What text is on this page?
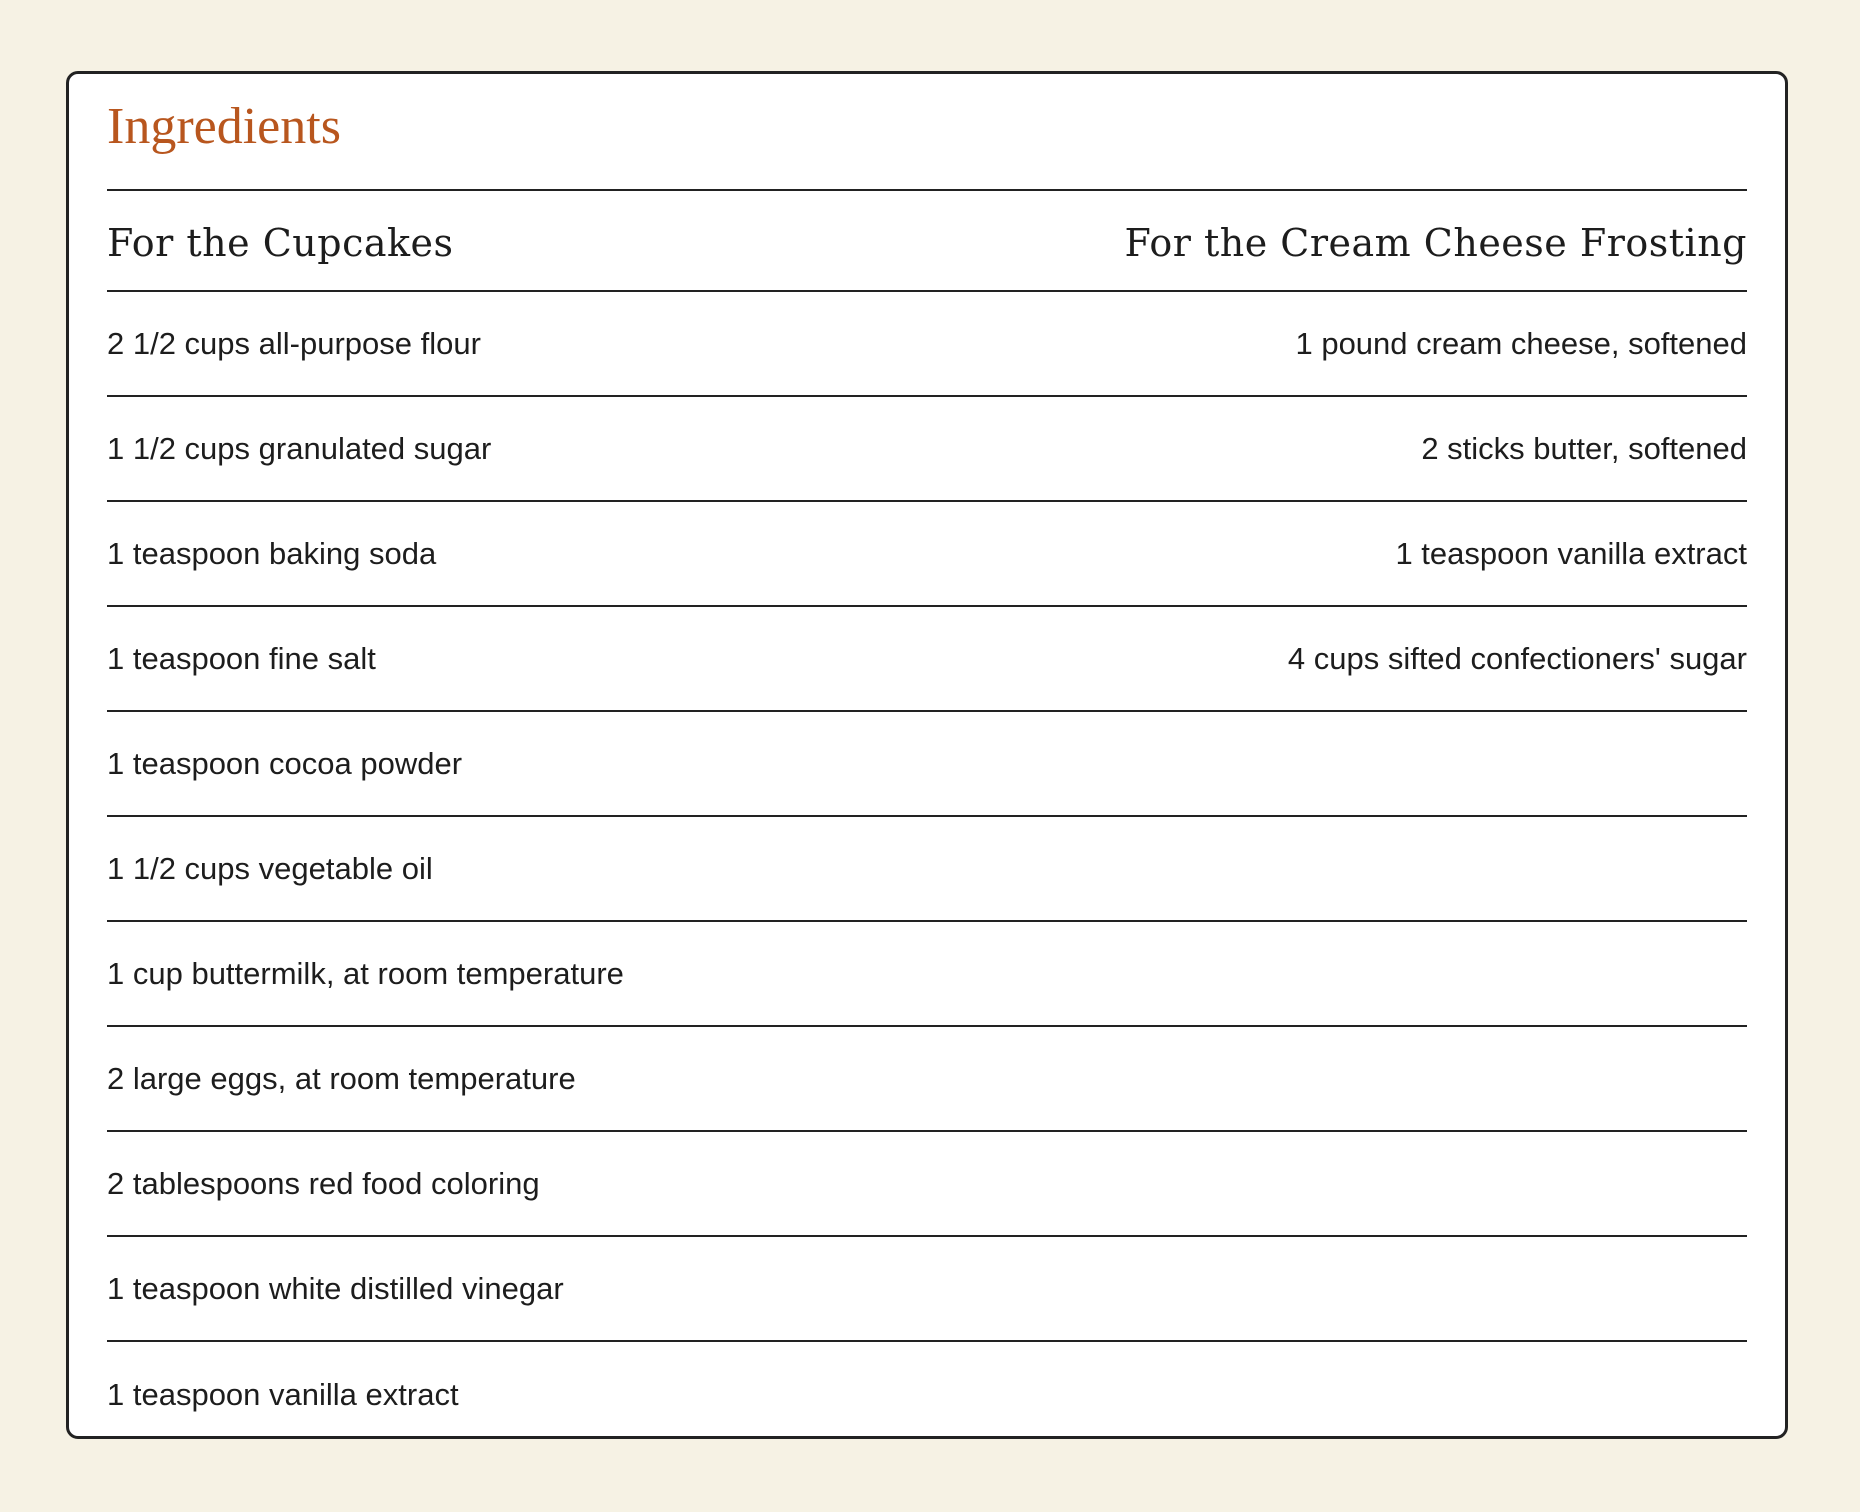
Ingredients
For the Cupcakes	For the Cream Cheese Frosting
2 1/2 cups all-purpose flour	1 pound cream cheese, softened
1 1/2 cups granulated sugar	2 sticks butter, softened
1 teaspoon baking soda	1 teaspoon vanilla extract
1 teaspoon fine salt	4 cups sifted confectioners' sugar
1 teaspoon cocoa powder
1 1/2 cups vegetable oil
1 cup buttermilk, at room temperature
2 large eggs, at room temperature
2 tablespoons red food coloring
1 teaspoon white distilled vinegar
1 teaspoon vanilla extract
